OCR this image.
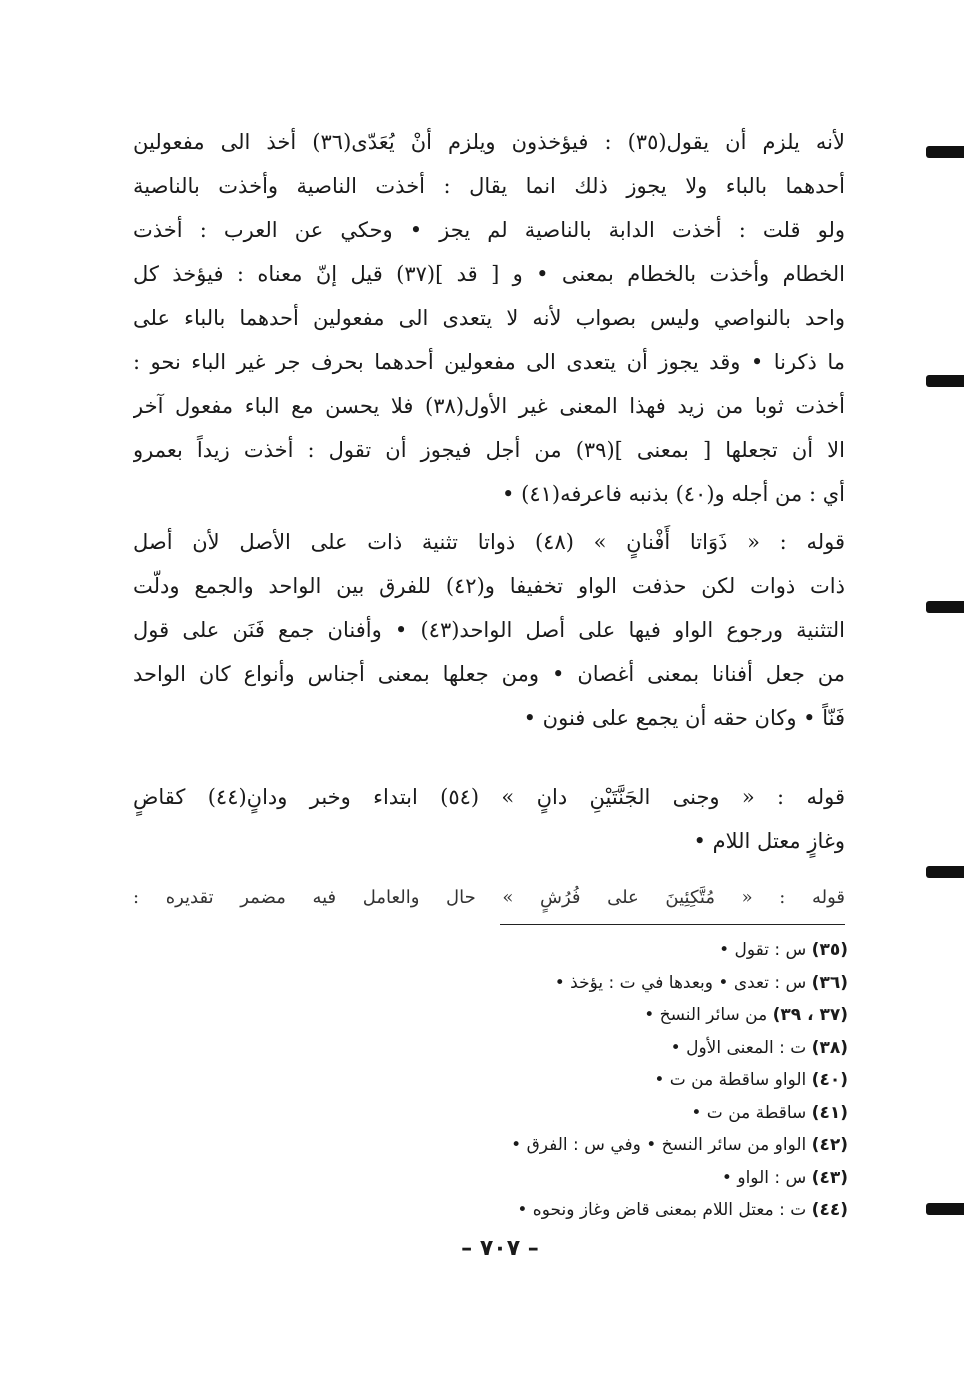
لأنه يلزم أن يقول(٣٥) : فيؤخذون ويلزم أنْ يُعَدّى(٣٦) أخذ الى مفعولين
أحدهما بالباء ولا يجوز ذلك انما يقال : أخذت الناصية وأخذت بالناصية
ولو قلت : أخذت الدابة بالناصية لم يجز • وحكي عن العرب : أخذت
الخطام وأخذت بالخطام بمعنى • و [ قد ](٣٧) قيل إنّ معناه : فيؤخذ كل
واحد بالنواصي وليس بصواب لأنه لا يتعدى الى مفعولين أحدهما بالباء على
ما ذكرنا • وقد يجوز أن يتعدى الى مفعولين أحدهما بحرف جر غير الباء نحو :
أخذت ثوبا من زيد فهذا المعنى غير الأول(٣٨) فلا يحسن مع الباء مفعول آخر
الا أن تجعلها [ بمعنى ](٣٩) من أجل فيجوز أن تقول : أخذت زيداً بعمرو
أي : من أجله و(٤٠) بذنبه فاعرفه(٤١) •
قوله : « ذَوَاتا أَفْنانٍ » (٤٨) ذواتا تثنية ذات على الأصل لأن أصل
ذات ذوات لكن حذفت الواو تخفيفا و(٤٢) للفرق بين الواحد والجمع ودلّت
التثنية ورجوع الواو فيها على أصل الواحد(٤٣) • وأفنان جمع فَنَن على قول
من جعل أفنانا بمعنى أغصان • ومن جعلها بمعنى أجناس وأنواع كان الواحد
فَنّاً • وكان حقه أن يجمع على فنون •
قوله : « وجنى الجَنَّتَيْنِ دانٍ » (٥٤) ابتداء وخبر ودانٍ(٤٤) كقاضٍ
وغازٍ معتل اللام •
قوله : « مُتَّكِئِينَ على فُرُشٍ » حال والعامل فيه مضمر تقديره :
(٣٥) س : تقول •
(٣٦) س : تعدى • وبعدها في ت : يؤخذ •
(٣٧ ، ٣٩) من سائر النسخ •
(٣٨) ت : المعنى الأول •
(٤٠) الواو ساقطة من ت •
(٤١) ساقطة من ت •
(٤٢) الواو من سائر النسخ • وفي س : الفرق •
(٤٣) س : الواو •
(٤٤) ت : معتل اللام بمعنى قاض وغاز ونحوه •
– ٧٠٧ –
